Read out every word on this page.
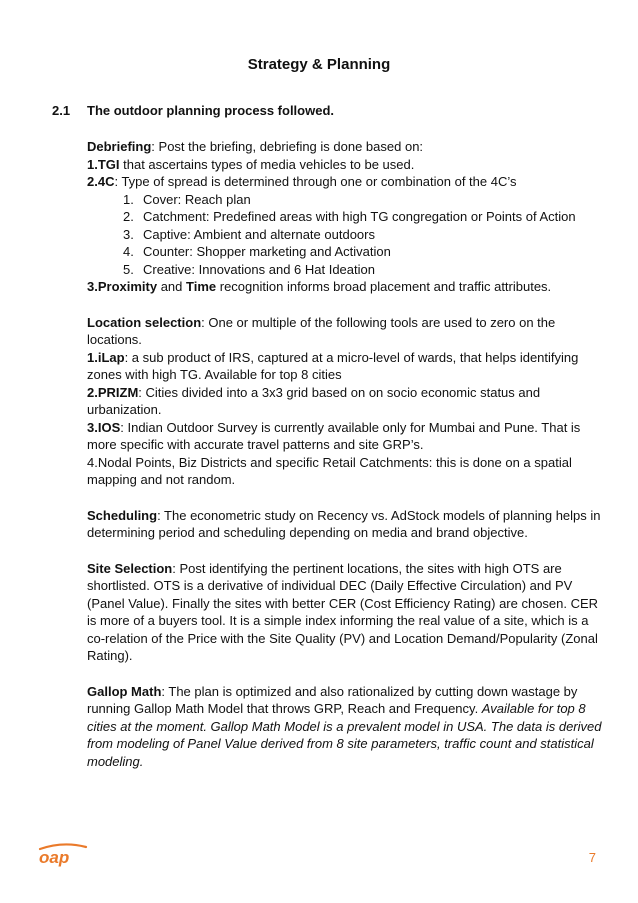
Strategy & Planning
2.1 The outdoor planning process followed.

Debriefing: Post the briefing, debriefing is done based on:

1.TGI that ascertains types of media vehicles to be used.

2.4C: Type of spread is determined through one or combination of the 4C’s

1. Cover: Reach plan
2. Catchment: Predefined areas with high TG congregation or Points of Action
3. Captive: Ambient and alternate outdoors
4. Counter: Shopper marketing and Activation
5. Creative: Innovations and 6 Hat Ideation

3.Proximity and Time recognition informs broad placement and traffic attributes.

Location selection: One or multiple of the following tools are used to zero on the locations.

1.iLap: a sub product of IRS, captured at a micro-level of wards, that helps identifying zones with high TG. Available for top 8 cities

2.PRIZM: Cities divided into a 3x3 grid based on on socio economic status and urbanization.

3.IOS: Indian Outdoor Survey is currently available only for Mumbai and Pune. That is more specific with accurate travel patterns and site GRP’s.

4.Nodal Points, Biz Districts and specific Retail Catchments: this is done on a spatial mapping and not random.

Scheduling: The econometric study on Recency vs. AdStock models of planning helps in determining period and scheduling depending on media and brand objective.

Site Selection: Post identifying the pertinent locations, the sites with high OTS are shortlisted. OTS is a derivative of individual DEC (Daily Effective Circulation) and PV (Panel Value). Finally the sites with better CER (Cost Efficiency Rating) are chosen. CER is more of a buyers tool. It is a simple index informing the real value of a site, which is a co-relation of the Price with the Site Quality (PV) and Location Demand/Popularity (Zonal Rating).

Gallop Math: The plan is optimized and also rationalized by cutting down wastage by running Gallop Math Model that throws GRP, Reach and Frequency. Available for top 8 cities at the moment. Gallop Math Model is a prevalent model in USA. The data is derived from modeling of Panel Value derived from 8 site parameters, traffic count and statistical modeling.

oap	7
